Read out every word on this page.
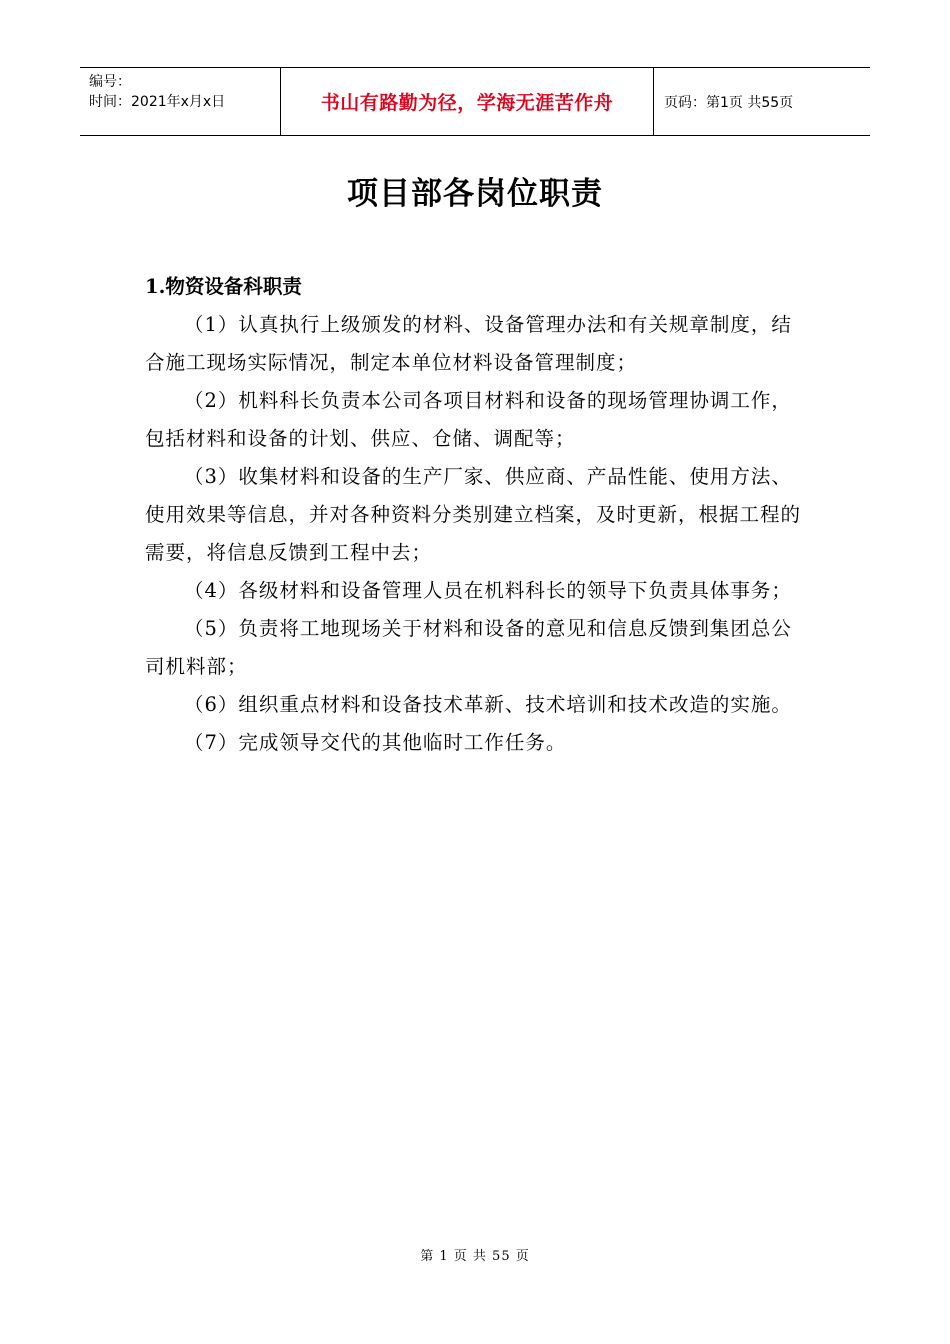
编号：
时间：2021年x月x日	书山有路勤为径，学海无涯苦作舟	页码：第1页 共55页
项目部各岗位职责
1.物资设备科职责

（1）认真执行上级颁发的材料、设备管理办法和有关规章制度，结合施工现场实际情况，制定本单位材料设备管理制度；

（2）机料科长负责本公司各项目材料和设备的现场管理协调工作，包括材料和设备的计划、供应、仓储、调配等；

（3）收集材料和设备的生产厂家、供应商、产品性能、使用方法、使用效果等信息，并对各种资料分类别建立档案，及时更新，根据工程的需要，将信息反馈到工程中去；

（4）各级材料和设备管理人员在机料科长的领导下负责具体事务；

（5）负责将工地现场关于材料和设备的意见和信息反馈到集团总公司机料部；

（6）组织重点材料和设备技术革新、技术培训和技术改造的实施。

（7）完成领导交代的其他临时工作任务。

第 1 页 共 55 页
